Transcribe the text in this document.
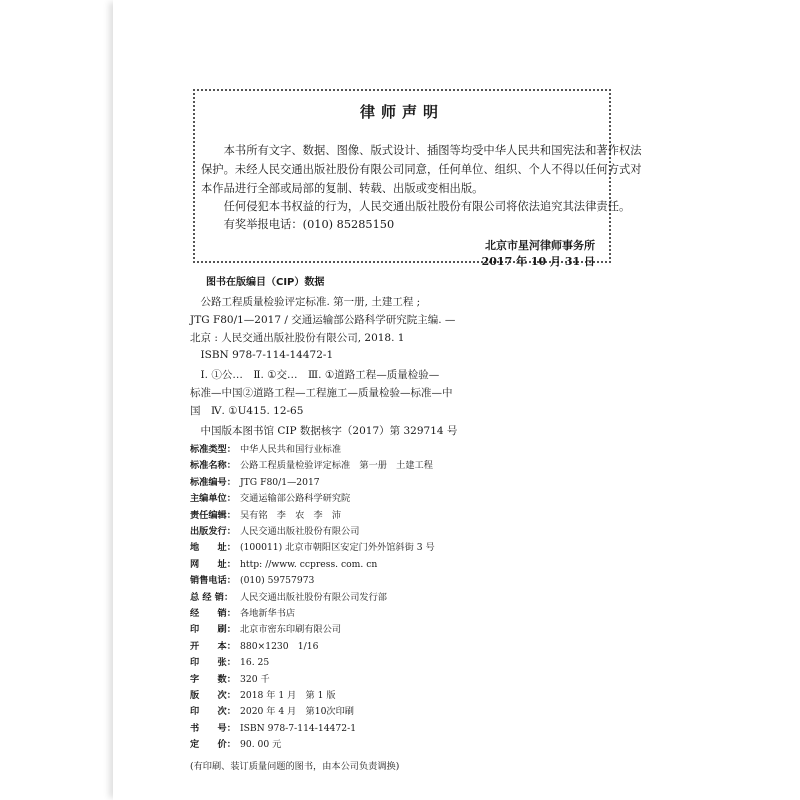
律师声明
　　本书所有文字、数据、图像、版式设计、插图等均受中华人民共和国宪法和著作权法
保护。未经人民交通出版社股份有限公司同意，任何单位、组织、个人不得以任何方式对
本作品进行全部或局部的复制、转载、出版或变相出版。
　　任何侵犯本书权益的行为，人民交通出版社股份有限公司将依法追究其法律责任。
　　有奖举报电话：(010) 85285150
北京市星河律师事务所
2017 年 10 月 31 日
图书在版编目（CIP）数据
　公路工程质量检验评定标准. 第一册, 土建工程 ;
JTG F80/1—2017 / 交通运输部公路科学研究院主编. —
北京 : 人民交通出版社股份有限公司, 2018. 1
　ISBN 978-7-114-14472-1
　Ⅰ. ①公…　Ⅱ. ①交…　Ⅲ. ①道路工程—质量检验—
标准—中国②道路工程—工程施工—质量检验—标准—中
国　Ⅳ. ①U415. 12-65
　中国版本图书馆 CIP 数据核字（2017）第 329714 号
标准类型： 中华人民共和国行业标准
标准名称： 公路工程质量检验评定标准　第一册　土建工程
标准编号： JTG F80/1—2017
主编单位： 交通运输部公路科学研究院
责任编辑： 吴有铭　李　农　李　沛
出版发行： 人民交通出版社股份有限公司
地　　址： (100011) 北京市朝阳区安定门外外馆斜街 3 号
网　　址： http: //www. ccpress. com. cn
销售电话： (010) 59757973
总 经 销： 人民交通出版社股份有限公司发行部
经　　销： 各地新华书店
印　　刷： 北京市密东印刷有限公司
开　　本： 880×1230　1/16
印　　张： 16. 25
字　　数： 320 千
版　　次： 2018 年 1 月　第 1 版
印　　次： 2020 年 4 月　第10次印刷
书　　号： ISBN 978-7-114-14472-1
定　　价： 90. 00 元
(有印刷、装订质量问题的图书，由本公司负责调换)
